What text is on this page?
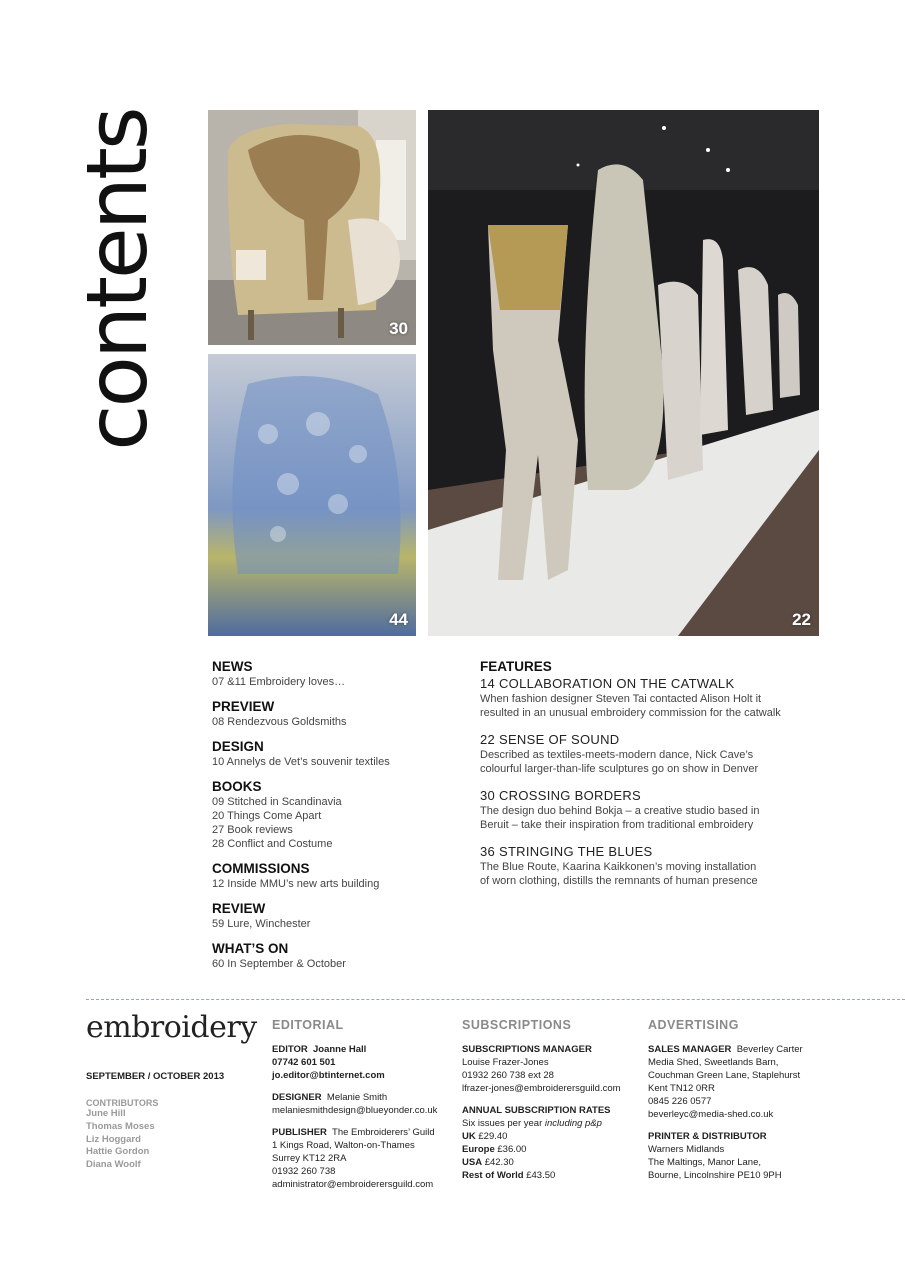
contents	30
44	22
NEWS
07 &11 Embroidery loves…
PREVIEW
08 Rendezvous Goldsmiths
DESIGN
10 Annelys de Vet’s souvenir textiles
BOOKS
09 Stitched in Scandinavia
20 Things Come Apart
27 Book reviews
28 Conflict and Costume
COMMISSIONS
12 Inside MMU’s new arts building
REVIEW
59 Lure, Winchester
WHAT’S ON
60 In September & October
FEATURES
14 COLLABORATION ON THE CATWALK
When fashion designer Steven Tai contacted Alison Holt it
resulted in an unusual embroidery commission for the catwalk
22 SENSE OF SOUND
Described as textiles-meets-modern dance, Nick Cave’s
colourful larger-than-life sculptures go on show in Denver
30 CROSSING BORDERS
The design duo behind Bokja – a creative studio based in
Beruit – take their inspiration from traditional embroidery
36 STRINGING THE BLUES
The Blue Route, Kaarina Kaikkonen’s moving installation
of worn clothing, distills the remnants of human presence
embroidery
SEPTEMBER / OCTOBER 2013
CONTRIBUTORS
June Hill
Thomas Moses
Liz Hoggard
Hattie Gordon
Diana Woolf
EDITORIAL
EDITOR Joanne Hall
07742 601 501
jo.editor@btinternet.com
DESIGNER Melanie Smith
melaniesmithdesign@blueyonder.co.uk
PUBLISHER The Embroiderers’ Guild
1 Kings Road, Walton-on-Thames
Surrey KT12 2RA
01932 260 738
administrator@embroiderersguild.com
SUBSCRIPTIONS
SUBSCRIPTIONS MANAGER
Louise Frazer-Jones
01932 260 738 ext 28
lfrazer-jones@embroiderersguild.com
ANNUAL SUBSCRIPTION RATES
Six issues per year including p&p
UK £29.40
Europe £36.00
USA £42.30
Rest of World £43.50
ADVERTISING
SALES MANAGER Beverley Carter
Media Shed, Sweetlands Barn,
Couchman Green Lane, Staplehurst
Kent TN12 0RR
0845 226 0577
beverleyc@media-shed.co.uk
PRINTER & DISTRIBUTOR
Warners Midlands
The Maltings, Manor Lane,
Bourne, Lincolnshire PE10 9PH
